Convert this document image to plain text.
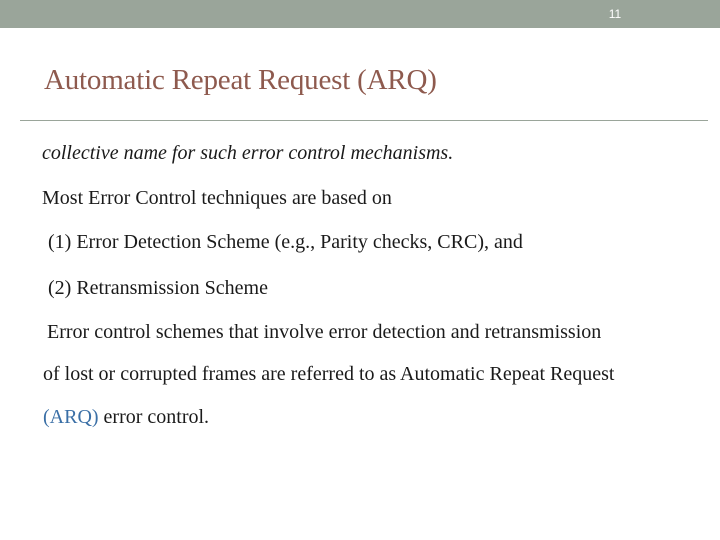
11
Automatic Repeat Request (ARQ)

collective name for such error control mechanisms.

Most Error Control techniques are based on

(1) Error Detection Scheme (e.g., Parity checks, CRC), and

(2) Retransmission Scheme

Error control schemes that involve error detection and retransmission

of lost or corrupted frames are referred to as Automatic Repeat Request

(ARQ) error control.
